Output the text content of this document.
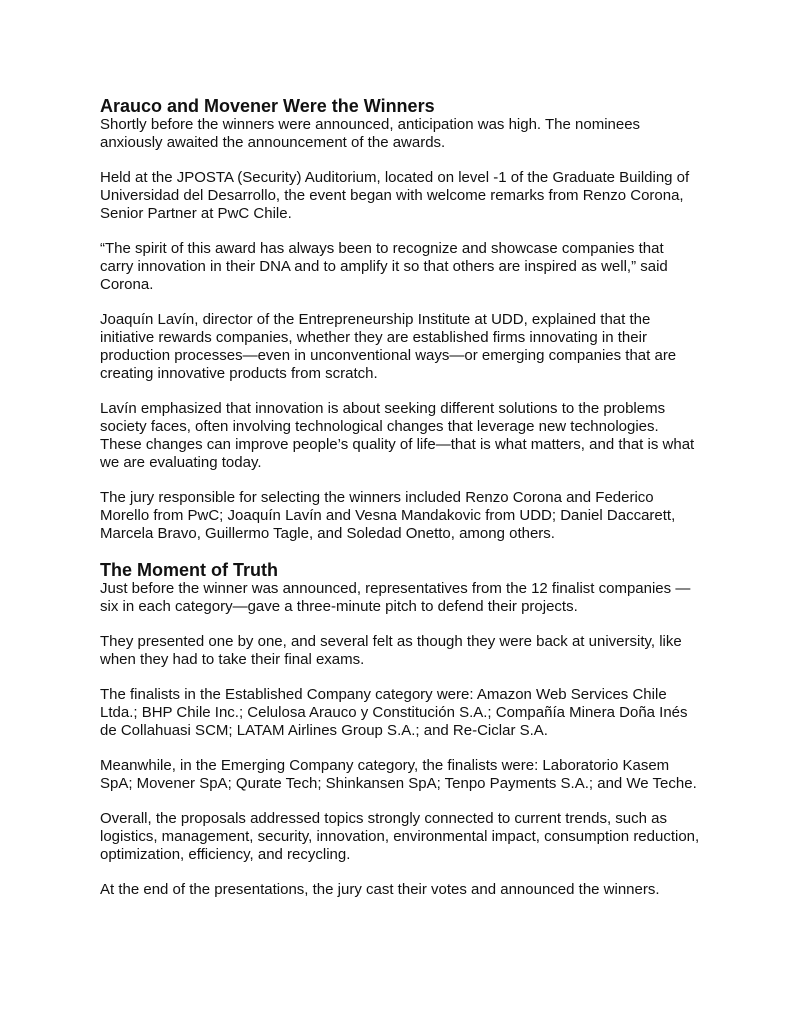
Arauco and Movener Were the Winners

Shortly before the winners were announced, anticipation was high. The nominees anxiously awaited the announcement of the awards.

Held at the JPOSTA (Security) Auditorium, located on level -1 of the Graduate Building of Universidad del Desarrollo, the event began with welcome remarks from Renzo Corona, Senior Partner at PwC Chile.

“The spirit of this award has always been to recognize and showcase companies that carry innovation in their DNA and to amplify it so that others are inspired as well,” said Corona.

Joaquín Lavín, director of the Entrepreneurship Institute at UDD, explained that the initiative rewards companies, whether they are established firms innovating in their production processes—even in unconventional ways—or emerging companies that are creating innovative products from scratch.

Lavín emphasized that innovation is about seeking different solutions to the problems society faces, often involving technological changes that leverage new technologies. These changes can improve people’s quality of life—that is what matters, and that is what we are evaluating today.

The jury responsible for selecting the winners included Renzo Corona and Federico Morello from PwC; Joaquín Lavín and Vesna Mandakovic from UDD; Daniel Daccarett, Marcela Bravo, Guillermo Tagle, and Soledad Onetto, among others.

The Moment of Truth

Just before the winner was announced, representatives from the 12 finalist companies —six in each category—gave a three-minute pitch to defend their projects.

They presented one by one, and several felt as though they were back at university, like when they had to take their final exams.

The finalists in the Established Company category were: Amazon Web Services Chile Ltda.; BHP Chile Inc.; Celulosa Arauco y Constitución S.A.; Compañía Minera Doña Inés de Collahuasi SCM; LATAM Airlines Group S.A.; and Re-Ciclar S.A.

Meanwhile, in the Emerging Company category, the finalists were: Laboratorio Kasem SpA; Movener SpA; Qurate Tech; Shinkansen SpA; Tenpo Payments S.A.; and We Teche.

Overall, the proposals addressed topics strongly connected to current trends, such as logistics, management, security, innovation, environmental impact, consumption reduction, optimization, efficiency, and recycling.

At the end of the presentations, the jury cast their votes and announced the winners.
